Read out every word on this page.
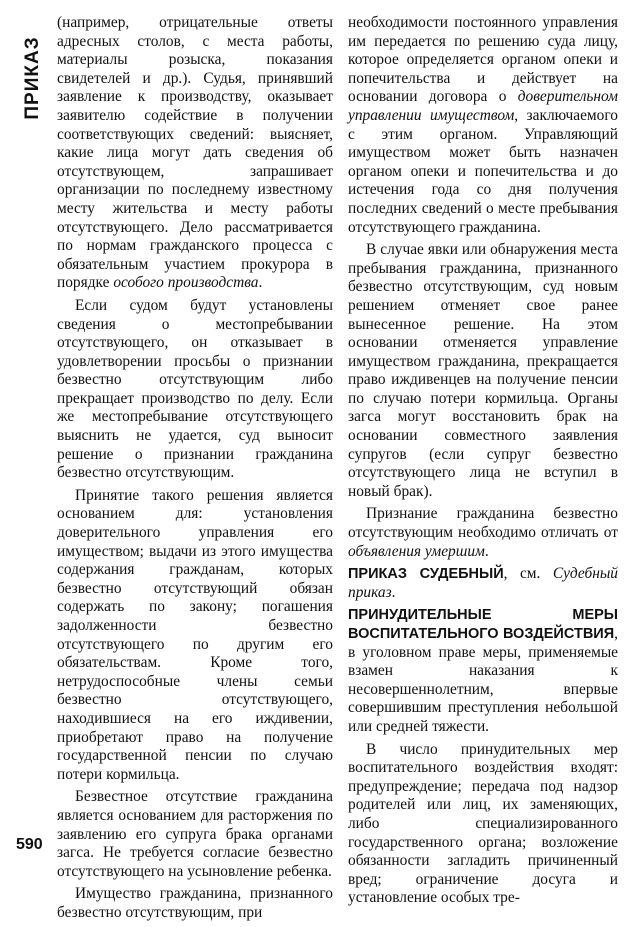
ПРИКАЗ

(например, отрицательные ответы адресных столов, с места работы, материалы розыска, показания свидетелей и др.). Судья, принявший заявление к производству, оказывает заявителю содействие в получении соответствующих сведений: выясняет, какие лица могут дать сведения об отсутствующем, запрашивает организации по последнему известному месту жительства и месту работы отсутствующего. Дело рассматривается по нормам гражданского процесса с обязательным участием прокурора в порядке особого производства.

Если судом будут установлены сведения о местопребывании отсутствующего, он отказывает в удовлетворении просьбы о признании безвестно отсутствующим либо прекращает производство по делу. Если же местопребывание отсутствующего выяснить не удается, суд выносит решение о признании гражданина безвестно отсутствующим.

Принятие такого решения является основанием для: установления доверительного управления его имуществом; выдачи из этого имущества содержания гражданам, которых безвестно отсутствующий обязан содержать по закону; погашения задолженности безвестно отсутствующего по другим его обязательствам. Кроме того, нетрудоспособные члены семьи безвестно отсутствующего, находившиеся на его иждивении, приобретают право на получение государственной пенсии по случаю потери кормильца.

Безвестное отсутствие гражданина является основанием для расторжения по заявлению его супруга брака органами загса. Не требуется согласие безвестно отсутствующего на усыновление ребенка.

Имущество гражданина, признанного безвестно отсутствующим, при

необходимости постоянного управления им передается по решению суда лицу, которое определяется органом опеки и попечительства и действует на основании договора о доверительном управлении имуществом, заключаемого с этим органом. Управляющий имуществом может быть назначен органом опеки и попечительства и до истечения года со дня получения последних сведений о месте пребывания отсутствующего гражданина.

В случае явки или обнаружения места пребывания гражданина, признанного безвестно отсутствующим, суд новым решением отменяет свое ранее вынесенное решение. На этом основании отменяется управление имуществом гражданина, прекращается право иждивенцев на получение пенсии по случаю потери кормильца. Органы загса могут восстановить брак на основании совместного заявления супругов (если супруг безвестно отсутствующего лица не вступил в новый брак).

Признание гражданина безвестно отсутствующим необходимо отличать от объявления умершим.

ПРИКАЗ СУДЕБНЫЙ, см. Судебный приказ.

ПРИНУДИТЕЛЬНЫЕ МЕРЫ ВОСПИТАТЕЛЬНОГО ВОЗДЕЙСТВИЯ, в уголовном праве меры, применяемые взамен наказания к несовершеннолетним, впервые совершившим преступления небольшой или средней тяжести.

В число принудительных мер воспитательного воздействия входят: предупреждение; передача под надзор родителей или лиц, их заменяющих, либо специализированного государственного органа; возложение обязанности загладить причиненный вред; ограничение досуга и установление особых тре-

590
